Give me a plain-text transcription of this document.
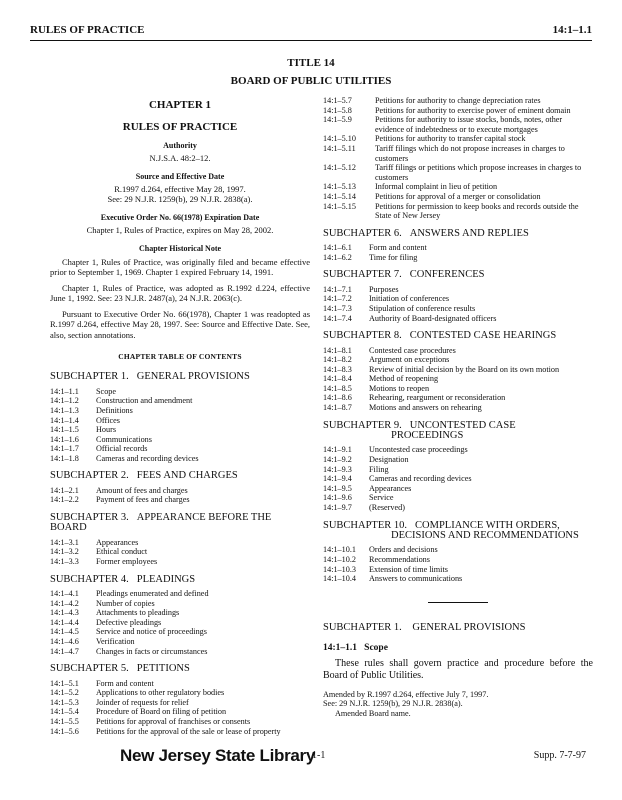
RULES OF PRACTICE	14:1–1.1
TITLE 14
BOARD OF PUBLIC UTILITIES
CHAPTER 1
RULES OF PRACTICE

Authority

N.J.S.A. 48:2–12.

Source and Effective Date

R.1997 d.264, effective May 28, 1997.

See: 29 N.J.R. 1259(b), 29 N.J.R. 2838(a).

Executive Order No. 66(1978) Expiration Date

Chapter 1, Rules of Practice, expires on May 28, 2002.

Chapter Historical Note

Chapter 1, Rules of Practice, was originally filed and became effective prior to September 1, 1969. Chapter 1 expired February 14, 1991.

Chapter 1, Rules of Practice, was adopted as R.1992 d.224, effective June 1, 1992. See: 23 N.J.R. 2487(a), 24 N.J.R. 2063(c).

Pursuant to Executive Order No. 66(1978), Chapter 1 was readopted as R.1997 d.264, effective May 28, 1997. See: Source and Effective Date. See, also, section annotations.

CHAPTER TABLE OF CONTENTS

SUBCHAPTER 1. GENERAL PROVISIONS
14:1–1.1	Scope
14:1–1.2	Construction and amendment
14:1–1.3	Definitions
14:1–1.4	Offices
14:1–1.5	Hours
14:1–1.6	Communications
14:1–1.7	Official records
14:1–1.8	Cameras and recording devices
SUBCHAPTER 2. FEES AND CHARGES
14:1–2.1	Amount of fees and charges
14:1–2.2	Payment of fees and charges
SUBCHAPTER 3. APPEARANCE BEFORE THE BOARD
14:1–3.1	Appearances
14:1–3.2	Ethical conduct
14:1–3.3	Former employees
SUBCHAPTER 4. PLEADINGS
14:1–4.1	Pleadings enumerated and defined
14:1–4.2	Number of copies
14:1–4.3	Attachments to pleadings
14:1–4.4	Defective pleadings
14:1–4.5	Service and notice of proceedings
14:1–4.6	Verification
14:1–4.7	Changes in facts or circumstances
SUBCHAPTER 5. PETITIONS
14:1–5.1	Form and content
14:1–5.2	Applications to other regulatory bodies
14:1–5.3	Joinder of requests for relief
14:1–5.4	Procedure of Board on filing of petition
14:1–5.5	Petitions for approval of franchises or consents
14:1–5.6	Petitions for the approval of the sale or lease of property
14:1–5.7	Petitions for authority to change depreciation rates
14:1–5.8	Petitions for authority to exercise power of eminent domain
14:1–5.9	Petitions for authority to issue stocks, bonds, notes, other evidence of indebtedness or to execute mortgages
14:1–5.10	Petitions for authority to transfer capital stock
14:1–5.11	Tariff filings which do not propose increases in charges to customers
14:1–5.12	Tariff filings or petitions which propose increases in charges to customers
14:1–5.13	Informal complaint in lieu of petition
14:1–5.14	Petitions for approval of a merger or consolidation
14:1–5.15	Petitions for permission to keep books and records outside the State of New Jersey
SUBCHAPTER 6. ANSWERS AND REPLIES
14:1–6.1	Form and content
14:1–6.2	Time for filing
SUBCHAPTER 7. CONFERENCES
14:1–7.1	Purposes
14:1–7.2	Initiation of conferences
14:1–7.3	Stipulation of conference results
14:1–7.4	Authority of Board-designated officers
SUBCHAPTER 8. CONTESTED CASE HEARINGS
14:1–8.1	Contested case procedures
14:1–8.2	Argument on exceptions
14:1–8.3	Review of initial decision by the Board on its own motion
14:1–8.4	Method of reopening
14:1–8.5	Motions to reopen
14:1–8.6	Rehearing, reargument or reconsideration
14:1–8.7	Motions and answers on rehearing
SUBCHAPTER 9. UNCONTESTED CASE
PROCEEDINGS
14:1–9.1	Uncontested case proceedings
14:1–9.2	Designation
14:1–9.3	Filing
14:1–9.4	Cameras and recording devices
14:1–9.5	Appearances
14:1–9.6	Service
14:1–9.7	(Reserved)
SUBCHAPTER 10. COMPLIANCE WITH ORDERS,
DECISIONS AND RECOMMENDATIONS
14:1–10.1	Orders and decisions
14:1–10.2	Recommendations
14:1–10.3	Extension of time limits
14:1–10.4	Answers to communications
SUBCHAPTER 1. GENERAL PROVISIONS
14:1–1.1   Scope

These rules shall govern practice and procedure before the Board of Public Utilities.

Amended by R.1997 d.264, effective July 7, 1997.

See: 29 N.J.R. 1259(b), 29 N.J.R. 2838(a).

Amended Board name.

New Jersey State Library
1-1	Supp. 7-7-97
